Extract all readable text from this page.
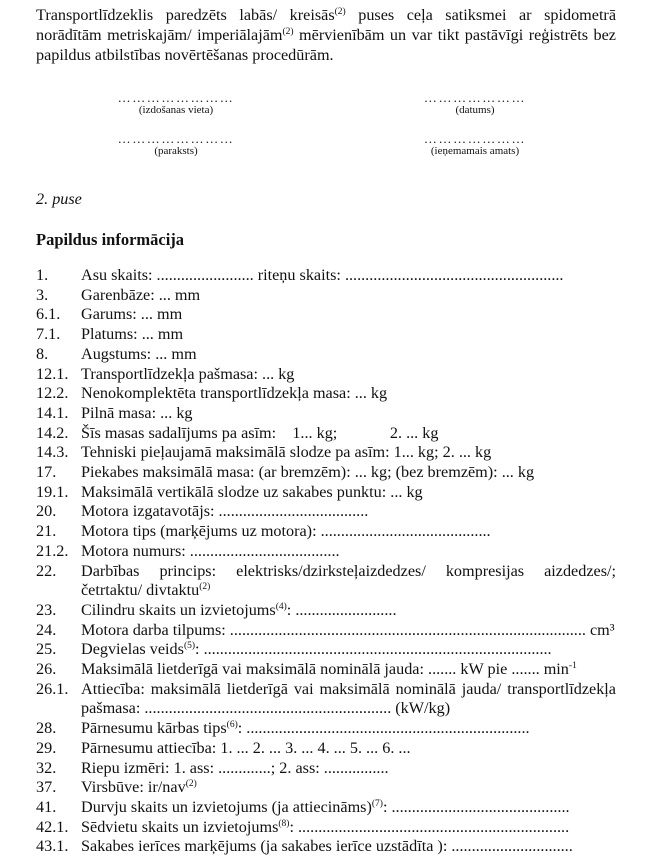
Transportlīdzeklis paredzēts labās/ kreisās$^{(2)}$ puses ceļa satiksmei ar spidometrā norādītām metriskajām/ imperiālajām$^{(2)}$ mērvienībām un var tikt pastāvīgi reģistrēts bez papildus atbilstības novērtēšanas procedūrām.

……………………
(izdošanas vieta)
…………………
(datums)
……………………
(paraksts)
…………………
(ieņemamais amats)
2. puse
Papildus informācija
1.	Asu skaits: ........................ riteņu skaits: ......................................................
3.	Garenbāze: ... mm
6.1.	Garums: ... mm
7.1.	Platums: ... mm
8.	Augstums: ... mm
12.1. Transportlīdzekļa pašmasa: ... kg
12.2. Nenokomplektēta transportlīdzekļa masa: ... kg
14.1. Pilnā masa: ... kg
14.2. Šīs masas sadalījums pa asīm:    1... kg;             2. ... kg
14.3. Tehniski pieļaujamā maksimālā slodze pa asīm: 1... kg; 2. ... kg
17.	Piekabes maksimālā masa: (ar bremzēm): ... kg; (bez bremzēm): ... kg
19.1. Maksimālā vertikālā slodze uz sakabes punktu: ... kg
20.	Motora izgatavotājs: .....................................
21.	Motora tips (marķējums uz motora): ..........................................
21.2. Motora numurs: .....................................
22.	Darbības princips: elektrisks/dzirksteļaizdedzes/ kompresijas aizdedzes/; četrtaktu/ divtaktu$^{(2)}$
23.	Cilindru skaits un izvietojums$^{(4)}$: .........................
24.	Motora darba tilpums: ........................................................................................ cm³
25.	Degvielas veids$^{(5)}$: ......................................................................................
26.	Maksimālā lietderīgā vai maksimālā nominālā jauda: ....... kW pie ....... $\min^{-1}$
26.1. Attiecība: maksimālā lietderīgā vai maksimālā nominālā jauda/ transportlīdzekļa pašmasa: ............................................................. (kW/kg)
28.	Pārnesumu kārbas tips$^{(6)}$: ......................................................................
29.	Pārnesumu attiecība: 1. ... 2. ... 3. ... 4. ... 5. ... 6. ...
32.	Riepu izmēri: 1. ass: .............; 2. ass: ................
37.	Virsbūve: ir/nav$^{(2)}$
41.	Durvju skaits un izvietojums (ja attiecināms)$^{(7)}$: ............................................
42.1. Sēdvietu skaits un izvietojums$^{(8)}$: ...................................................................
43.1. Sakabes ierīces marķējums (ja sakabes ierīce uzstādīta ): ..............................
